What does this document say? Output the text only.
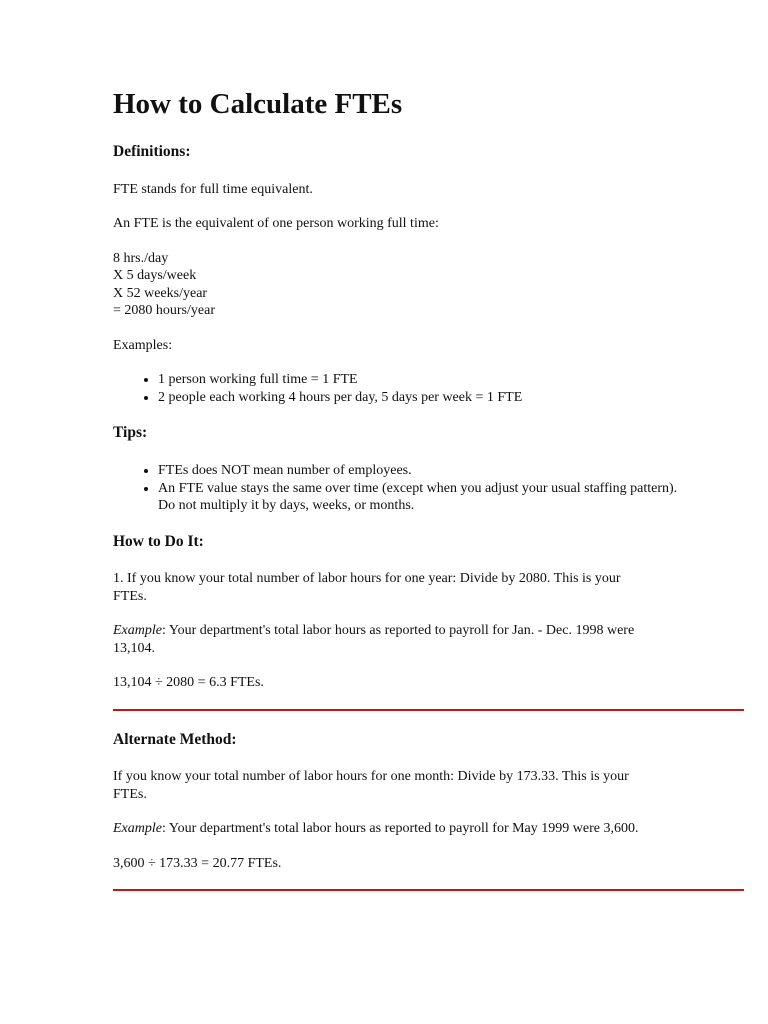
How to Calculate FTEs
Definitions:

FTE stands for full time equivalent.

An FTE is the equivalent of one person working full time:

8 hrs./day
X 5 days/week
X 52 weeks/year
= 2080 hours/year

Examples:

• 1 person working full time = 1 FTE
• 2 people each working 4 hours per day, 5 days per week = 1 FTE
Tips:
• FTEs does NOT mean number of employees.
• An FTE value stays the same over time (except when you adjust your usual staffing pattern). Do not multiply it by days, weeks, or months.
How to Do It:

1. If you know your total number of labor hours for one year: Divide by 2080. This is your FTEs.

Example: Your department's total labor hours as reported to payroll for Jan. - Dec. 1998 were 13,104.

13,104 ÷ 2080 = 6.3 FTEs.

Alternate Method:

If you know your total number of labor hours for one month: Divide by 173.33. This is your FTEs.

Example: Your department's total labor hours as reported to payroll for May 1999 were 3,600.

3,600 ÷ 173.33 = 20.77 FTEs.
